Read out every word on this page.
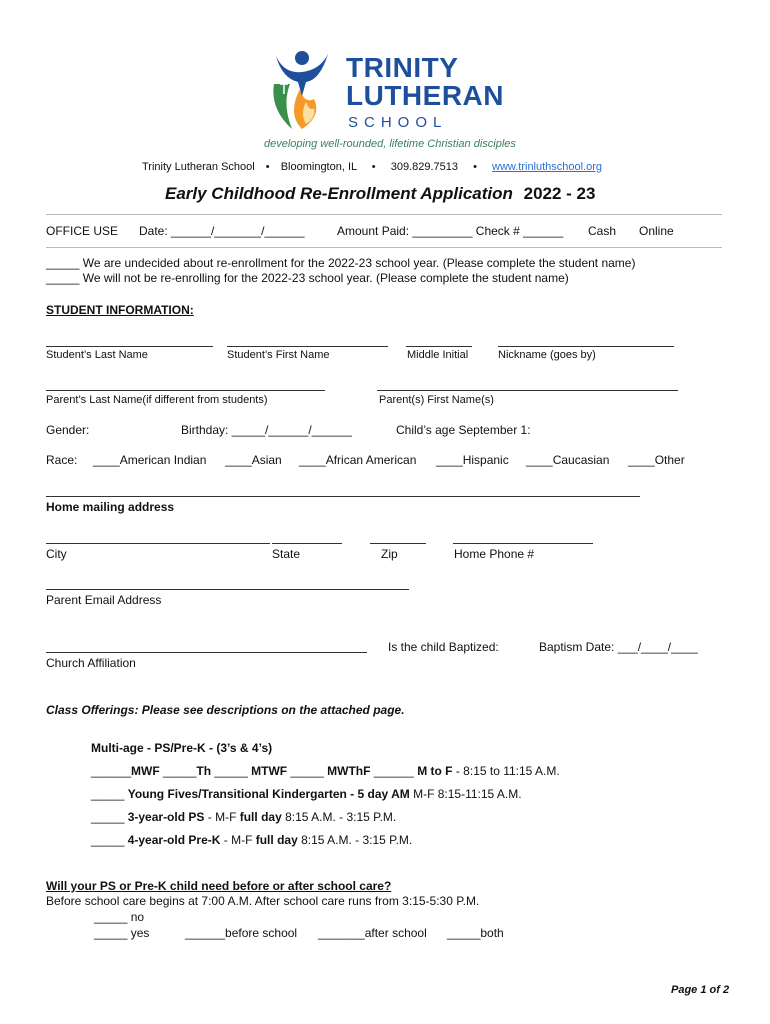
TRINITY
LUTHERAN
SCHOOL
developing well-rounded, lifetime Christian disciples
Trinity Lutheran School • Bloomington, IL • 309.829.7513 • www.trinluthschool.org
Early Childhood Re-Enrollment Application 2022 - 23
OFFICE USE Date: ______/_______/______	Amount Paid: _________ Check # ______ Cash Online
_____ We are undecided about re-enrollment for the 2022-23 school year. (Please complete the student name)
_____ We will not be re-enrolling for the 2022-23 school year. (Please complete the student name)
STUDENT INFORMATION:
Student’s Last Name	Student’s First Name	Middle Initial	Nickname (goes by)
Parent’s Last Name(if different from students)	Parent(s) First Name(s)
Gender:	Birthday: _____/______/______	Child’s age September 1:
Race: ____American Indian ____Asian ____African American ____Hispanic ____Caucasian ____Other
Home mailing address
City	State	Zip	Home Phone #
Parent Email Address
Is the child Baptized:	Baptism Date: ___/____/____
Church Affiliation
Class Offerings: Please see descriptions on the attached page.
Multi-age - PS/Pre-K - (3’s & 4’s)
______MWF _____Th _____ MTWF _____ MWThF ______ M to F - 8:15 to 11:15 A.M.
_____ Young Fives/Transitional Kindergarten - 5 day AM M-F 8:15-11:15 A.M.
_____ 3-year-old PS - M-F full day 8:15 A.M. - 3:15 P.M.
_____ 4-year-old Pre-K - M-F full day 8:15 A.M. - 3:15 P.M.
Will your PS or Pre-K child need before or after school care?
Before school care begins at 7:00 A.M. After school care runs from 3:15-5:30 P.M.
_____ no
_____ yes	______before school _______after school _____both
Page 1 of 2
